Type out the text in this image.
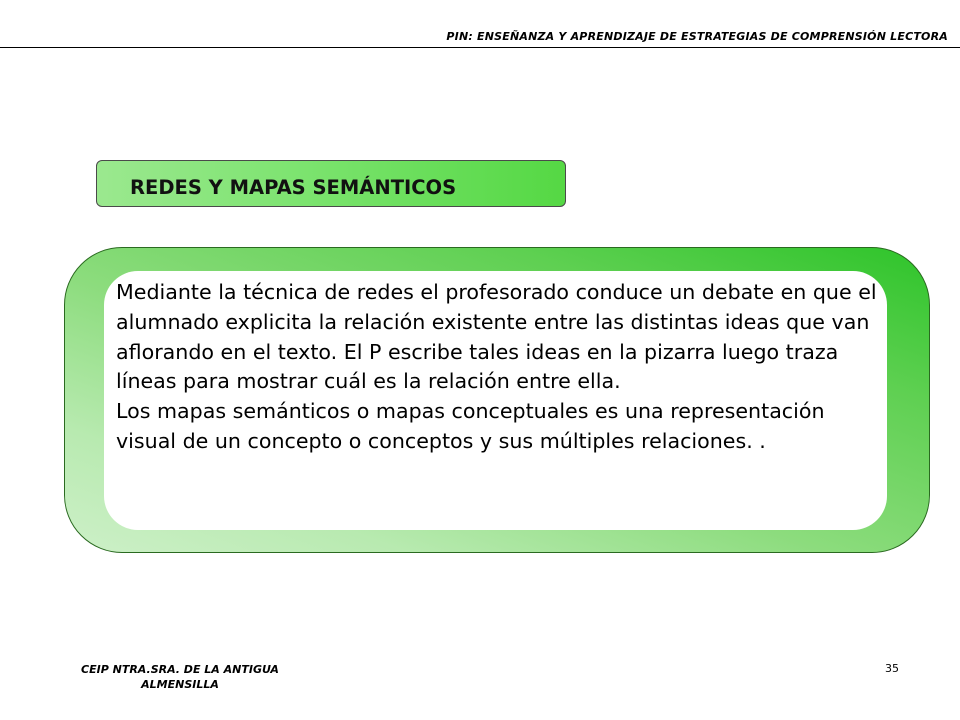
PIN: ENSEÑANZA Y APRENDIZAJE DE ESTRATEGIAS DE COMPRENSIÓN LECTORA
REDES Y MAPAS SEMÁNTICOS

Mediante la técnica de redes el profesorado conduce un debate en que el alumnado explicita la relación existente entre las distintas ideas que van aflorando en el texto. El P escribe tales ideas en la pizarra luego traza líneas para mostrar cuál es la relación entre ella.

Los mapas semánticos o mapas conceptuales es una representación visual de un concepto o conceptos y sus múltiples relaciones. .

CEIP NTRA.SRA. DE LA ANTIGUA
ALMENSILLA
35
